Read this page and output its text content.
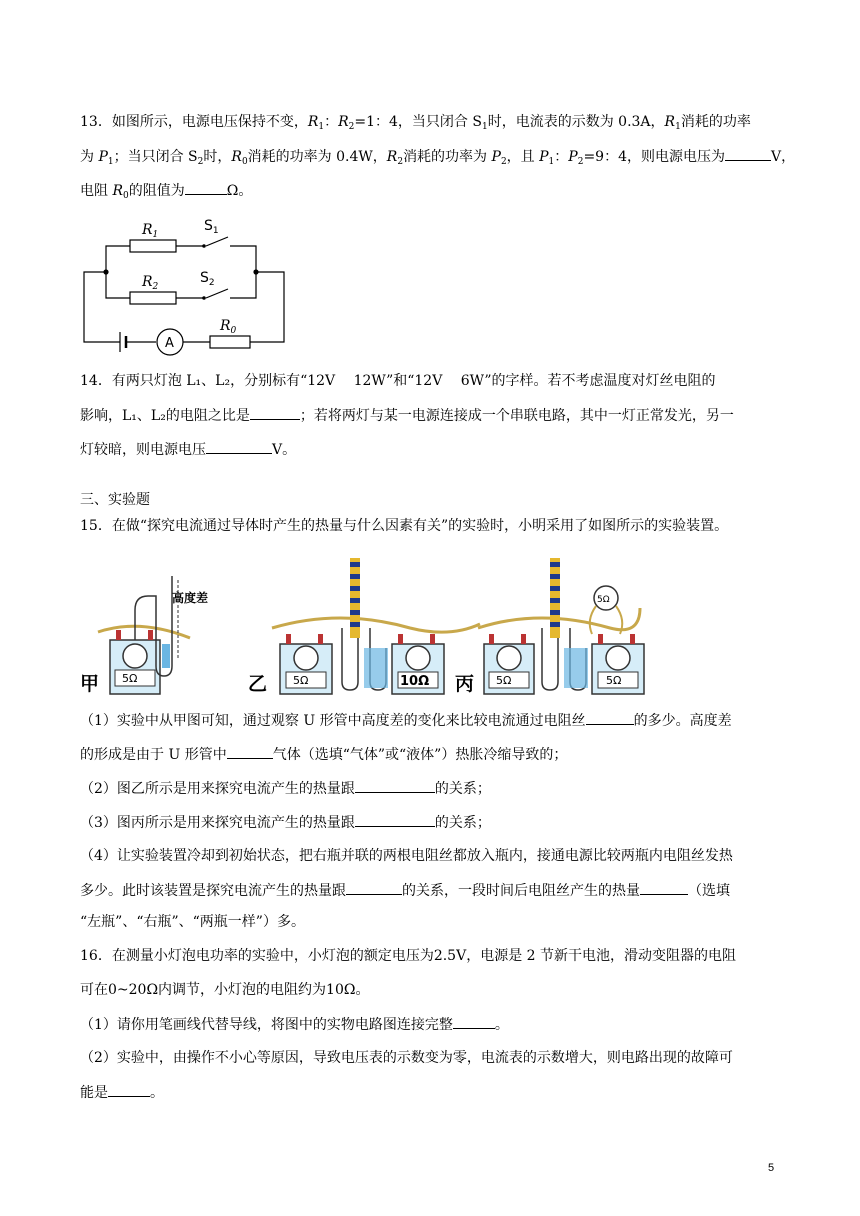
13．如图所示，电源电压保持不变，$R_1$：$R_2=1$：4，当只闭合 $S_1$时，电流表的示数为 0.3A，$R_1$消耗的功率
为 $P_1$；当只闭合 $S_2$时，$R_0$消耗的功率为 0.4W，$R_2$消耗的功率为 $P_2$，且 $P_1$：$P_2=9$：4，则电源电压为	V，
电阻 $R_0$的阻值为	Ω。
$R_1$
$R_2$
$R_0$
$S_1$
$S_2$
A
14．有两只灯泡 L₁、L₂，分别标有“12V　 12W”和“12V　 6W”的字样。若不考虑温度对灯丝电阻的
影响，L₁、L₂的电阻之比是	；若将两灯与某一电源连接成一个串联电路，其中一灯正常发光，另一
灯较暗，则电源电压	V。
三、实验题
15．在做“探究电流通过导体时产生的热量与什么因素有关”的实验时，小明采用了如图所示的实验装置。
甲 5Ω
高度差
乙 5Ω	10Ω 丙 5Ω	5Ω
5Ω
（1）实验中从甲图可知，通过观察 U 形管中高度差的变化来比较电流通过电阻丝	的多少。高度差
的形成是由于 U 形管中	气体（选填“气体”或“液体”）热胀冷缩导致的；
（2）图乙所示是用来探究电流产生的热量跟	的关系；
（3）图丙所示是用来探究电流产生的热量跟	的关系；
（4）让实验装置冷却到初始状态，把右瓶并联的两根电阻丝都放入瓶内，接通电源比较两瓶内电阻丝发热
多少。此时该装置是探究电流产生的热量跟	的关系，一段时间后电阻丝产生的热量	（选填
“左瓶”、“右瓶”、“两瓶一样”）多。
16．在测量小灯泡电功率的实验中，小灯泡的额定电压为2.5V，电源是 2 节新干电池，滑动变阻器的电阻
可在0~20Ω内调节，小灯泡的电阻约为10Ω。
（1）请你用笔画线代替导线，将图中的实物电路图连接完整	。
（2）实验中，由操作不小心等原因，导致电压表的示数变为零，电流表的示数增大，则电路出现的故障可
能是	。
5
